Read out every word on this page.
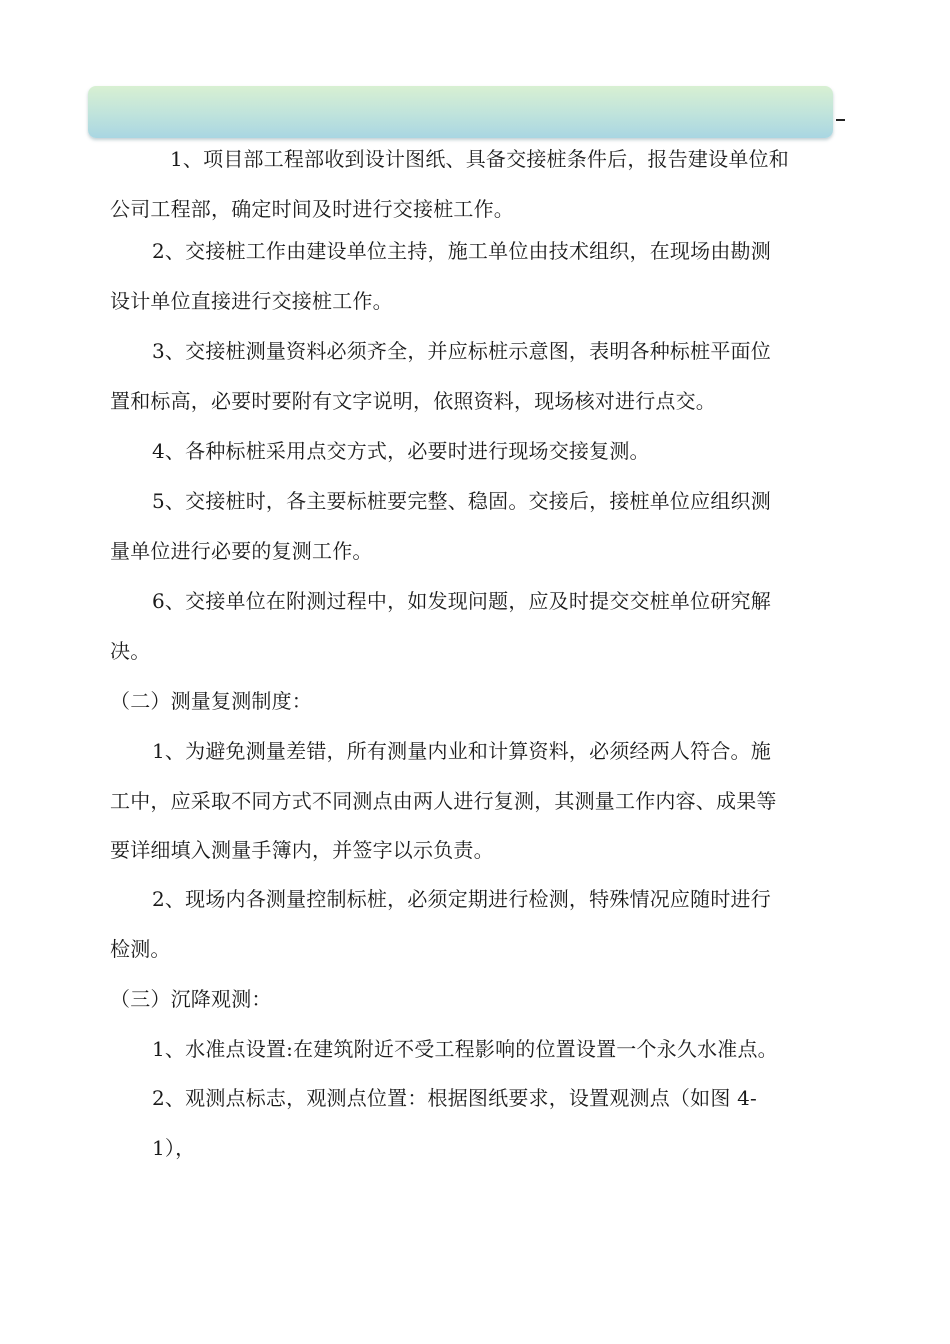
1、项目部工程部收到设计图纸、具备交接桩条件后，报告建设单位和
公司工程部，确定时间及时进行交接桩工作。
2、交接桩工作由建设单位主持，施工单位由技术组织，在现场由勘测
设计单位直接进行交接桩工作。
3、交接桩测量资料必须齐全，并应标桩示意图，表明各种标桩平面位
置和标高，必要时要附有文字说明，依照资料，现场核对进行点交。
4、各种标桩采用点交方式，必要时进行现场交接复测。
5、交接桩时，各主要标桩要完整、稳固。交接后，接桩单位应组织测
量单位进行必要的复测工作。
6、交接单位在附测过程中，如发现问题，应及时提交交桩单位研究解
决。
（二）测量复测制度：
1、为避免测量差错，所有测量内业和计算资料，必须经两人符合。施
工中，应采取不同方式不同测点由两人进行复测，其测量工作内容、成果等
要详细填入测量手簿内，并签字以示负责。
2、现场内各测量控制标桩，必须定期进行检测，特殊情况应随时进行
检测。
（三）沉降观测：
1、水准点设置:在建筑附近不受工程影响的位置设置一个永久水准点。
2、观测点标志，观测点位置：根据图纸要求，设置观测点（如图 4-
1），
